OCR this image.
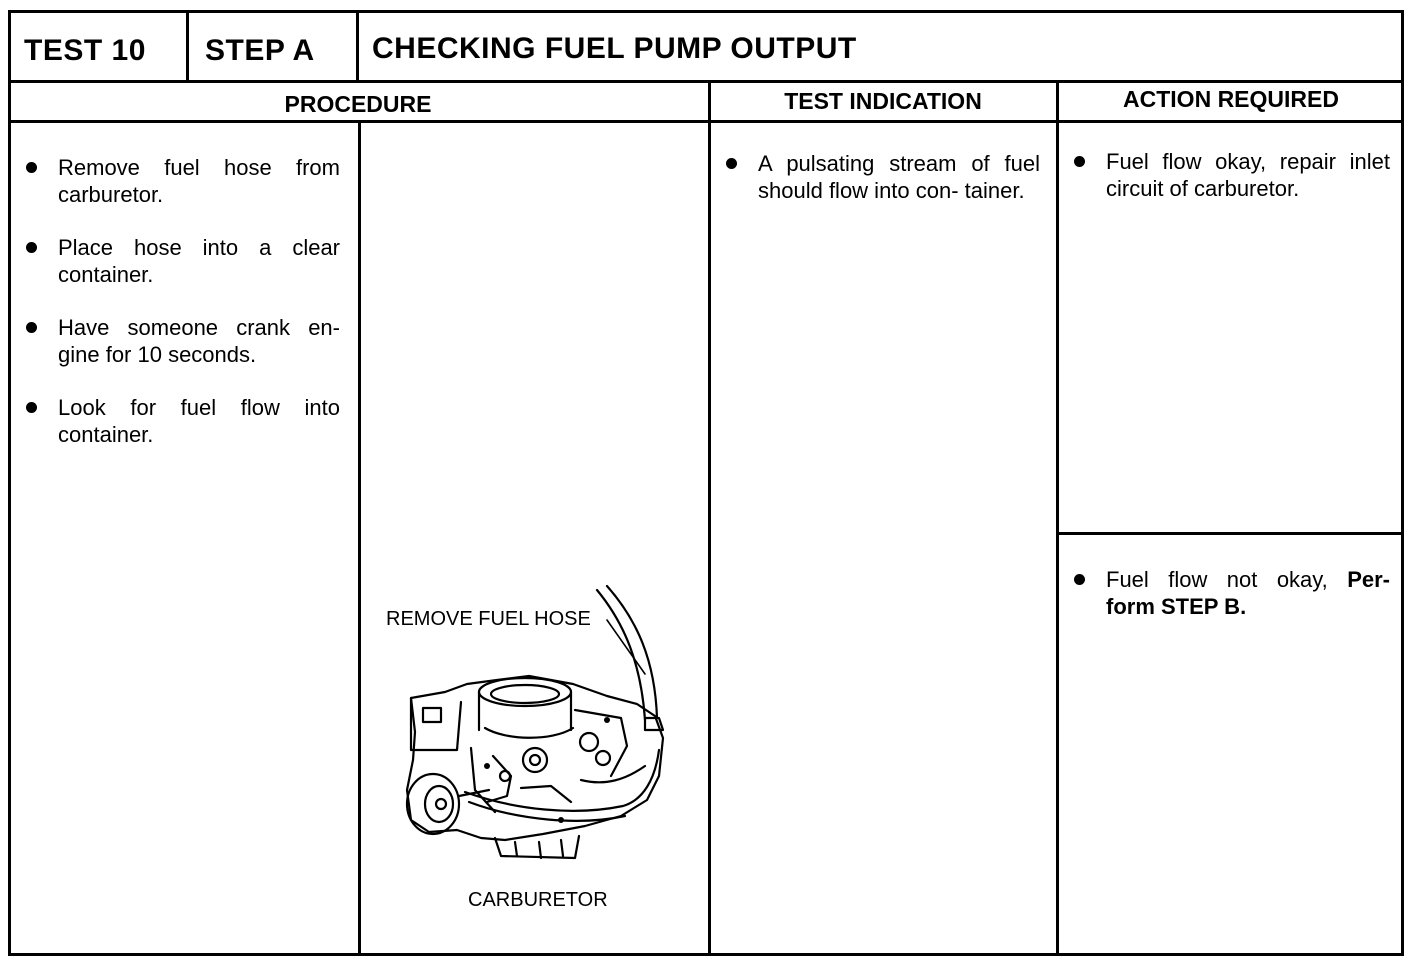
TEST 10 STEP A CHECKING FUEL PUMP OUTPUT
PROCEDURE	TEST INDICATION	ACTION REQUIRED
Remove fuel hose from carburetor.
Place hose into a clear container.
Have someone crank en- gine for 10 seconds.
Look for fuel flow into container.
A pulsating stream of fuel should flow into con- tainer.
Fuel flow okay, repair inlet circuit of carburetor.
Fuel flow not okay, Per- form STEP B.
REMOVE FUEL HOSE
CARBURETOR
